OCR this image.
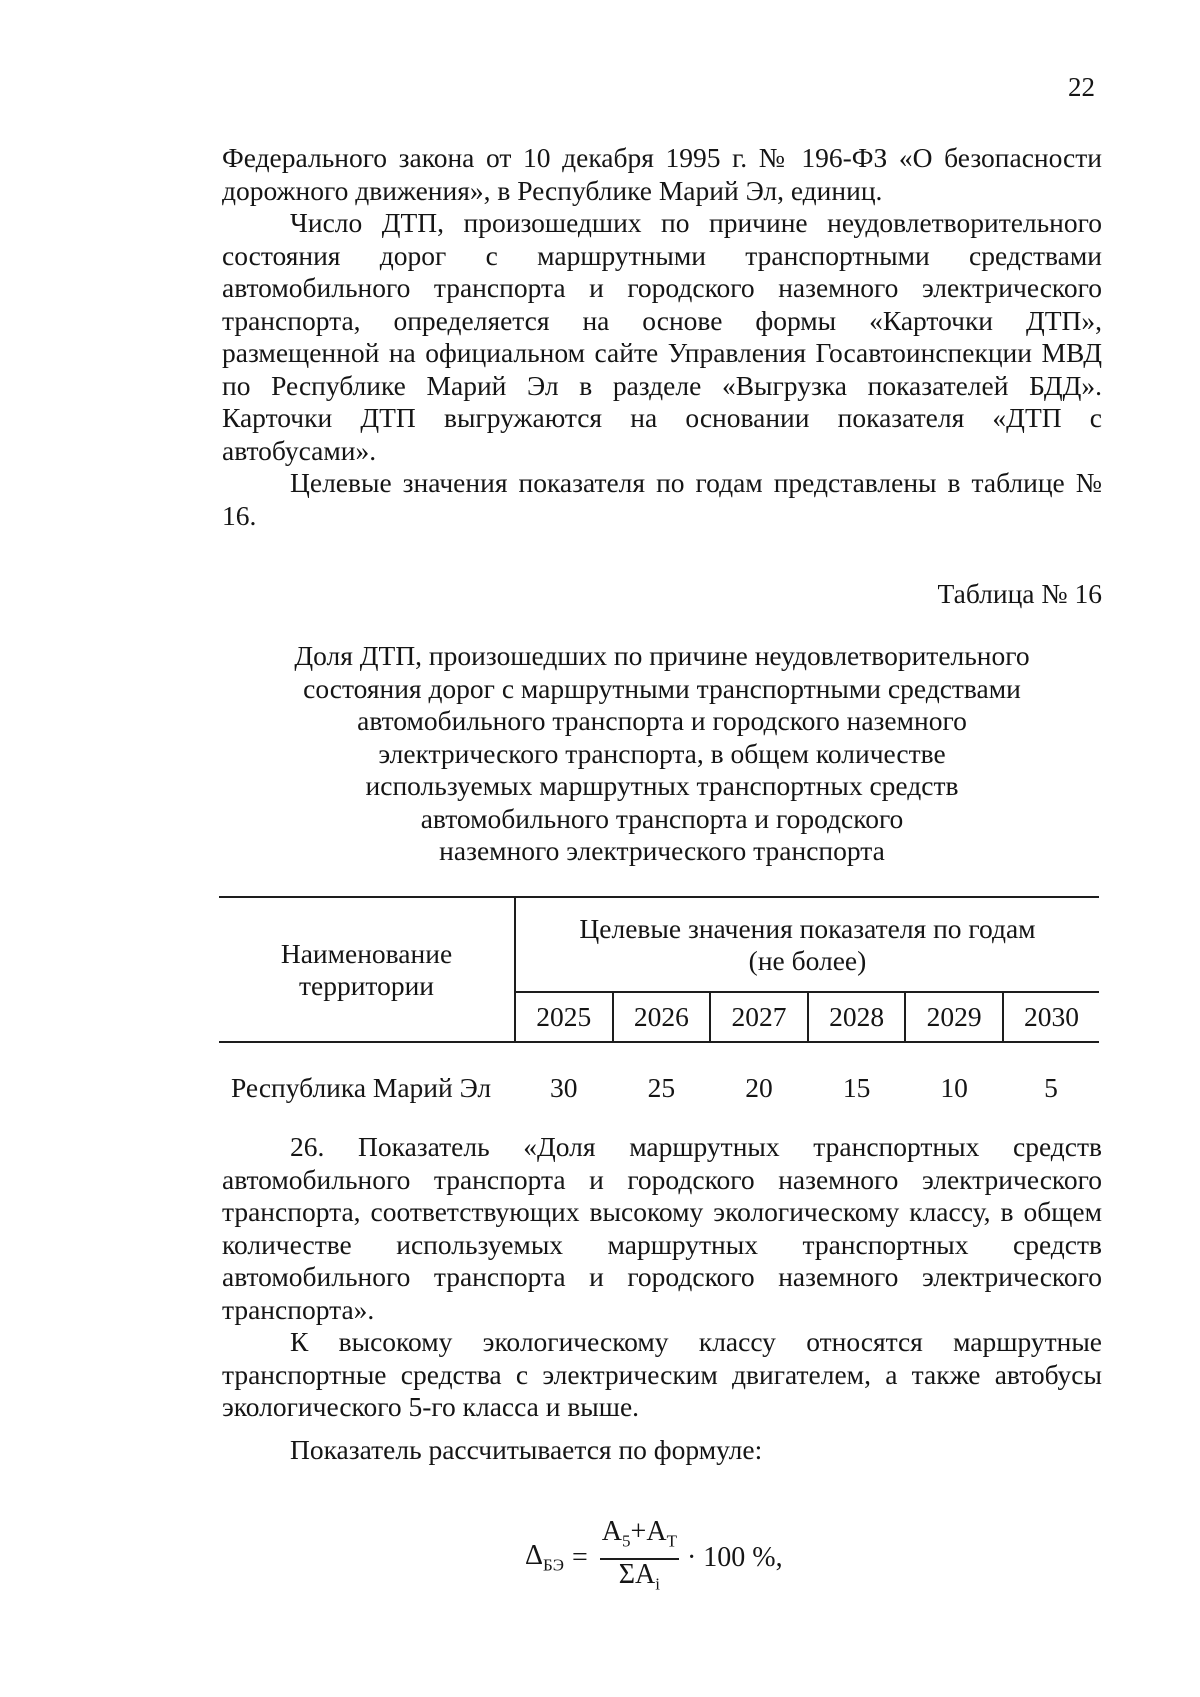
22

Федерального закона от 10 декабря 1995 г. № 196-ФЗ «О безопасности дорожного движения», в Республике Марий Эл, единиц.

Число ДТП, произошедших по причине неудовлетворительного состояния дорог с маршрутными транспортными средствами автомобильного транспорта и городского наземного электрического транспорта, определяется на основе формы «Карточки ДТП», размещенной на официальном сайте Управления Госавтоинспекции МВД по Республике Марий Эл в разделе «Выгрузка показателей БДД». Карточки ДТП выгружаются на основании показателя «ДТП с автобусами».

Целевые значения показателя по годам представлены в таблице № 16.

Таблица № 16
Доля ДТП, произошедших по причине неудовлетворительного
состояния дорог с маршрутными транспортными средствами
автомобильного транспорта и городского наземного
электрического транспорта, в общем количестве
используемых маршрутных транспортных средств
автомобильного транспорта и городского
наземного электрического транспорта
Наименование
территории	Целевые значения показателя по годам
(не более)					
	2025	2026	2027	2028	2029	2030

Республика Марий Эл	30	25	20	15	10	5

26. Показатель «Доля маршрутных транспортных средств автомобильного транспорта и городского наземного электрического транспорта, соответствующих высокому экологическому классу, в общем количестве используемых маршрутных транспортных средств автомобильного транспорта и городского наземного электрического транспорта».

К высокому экологическому классу относятся маршрутные транспортные средства с электрическим двигателем, а также автобусы экологического 5-го класса и выше.

Показатель рассчитывается по формуле:

$\Delta_{БЭ} = \frac{A_5+A_T}{\Sigma A_i} \cdot 100$ %,
